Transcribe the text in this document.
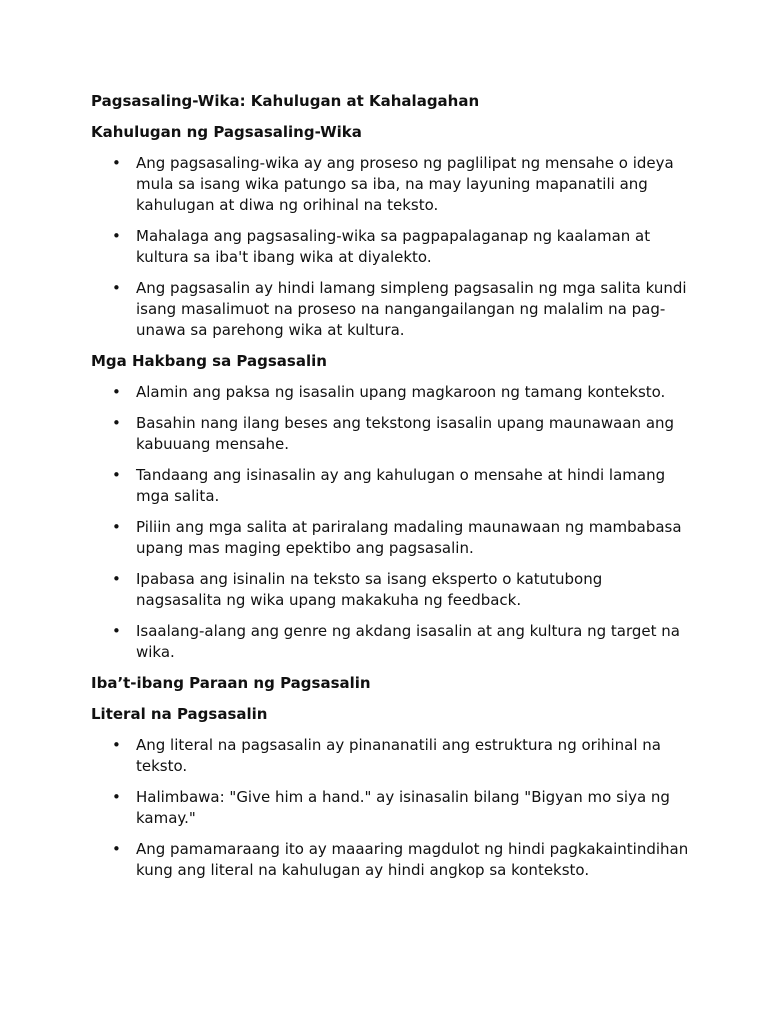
Pagsasaling-Wika: Kahulugan at Kahalagahan
Kahulugan ng Pagsasaling-Wika
• Ang pagsasaling-wika ay ang proseso ng paglilipat ng mensahe o ideya mula sa isang wika patungo sa iba, na may layuning mapanatili ang kahulugan at diwa ng orihinal na teksto.
• Mahalaga ang pagsasaling-wika sa pagpapalaganap ng kaalaman at kultura sa iba't ibang wika at diyalekto.
• Ang pagsasalin ay hindi lamang simpleng pagsasalin ng mga salita kundi isang masalimuot na proseso na nangangailangan ng malalim na pag-unawa sa parehong wika at kultura.
Mga Hakbang sa Pagsasalin
• Alamin ang paksa ng isasalin upang magkaroon ng tamang konteksto.
• Basahin nang ilang beses ang tekstong isasalin upang maunawaan ang kabuuang mensahe.
• Tandaang ang isinasalin ay ang kahulugan o mensahe at hindi lamang mga salita.
• Piliin ang mga salita at pariralang madaling maunawaan ng mambabasa upang mas maging epektibo ang pagsasalin.
• Ipabasa ang isinalin na teksto sa isang eksperto o katutubong nagsasalita ng wika upang makakuha ng feedback.
• Isaalang-alang ang genre ng akdang isasalin at ang kultura ng target na wika.
Iba’t-ibang Paraan ng Pagsasalin
Literal na Pagsasalin
• Ang literal na pagsasalin ay pinananatili ang estruktura ng orihinal na teksto.
• Halimbawa: "Give him a hand." ay isinasalin bilang "Bigyan mo siya ng kamay."
• Ang pamamaraang ito ay maaaring magdulot ng hindi pagkakaintindihan kung ang literal na kahulugan ay hindi angkop sa konteksto.
